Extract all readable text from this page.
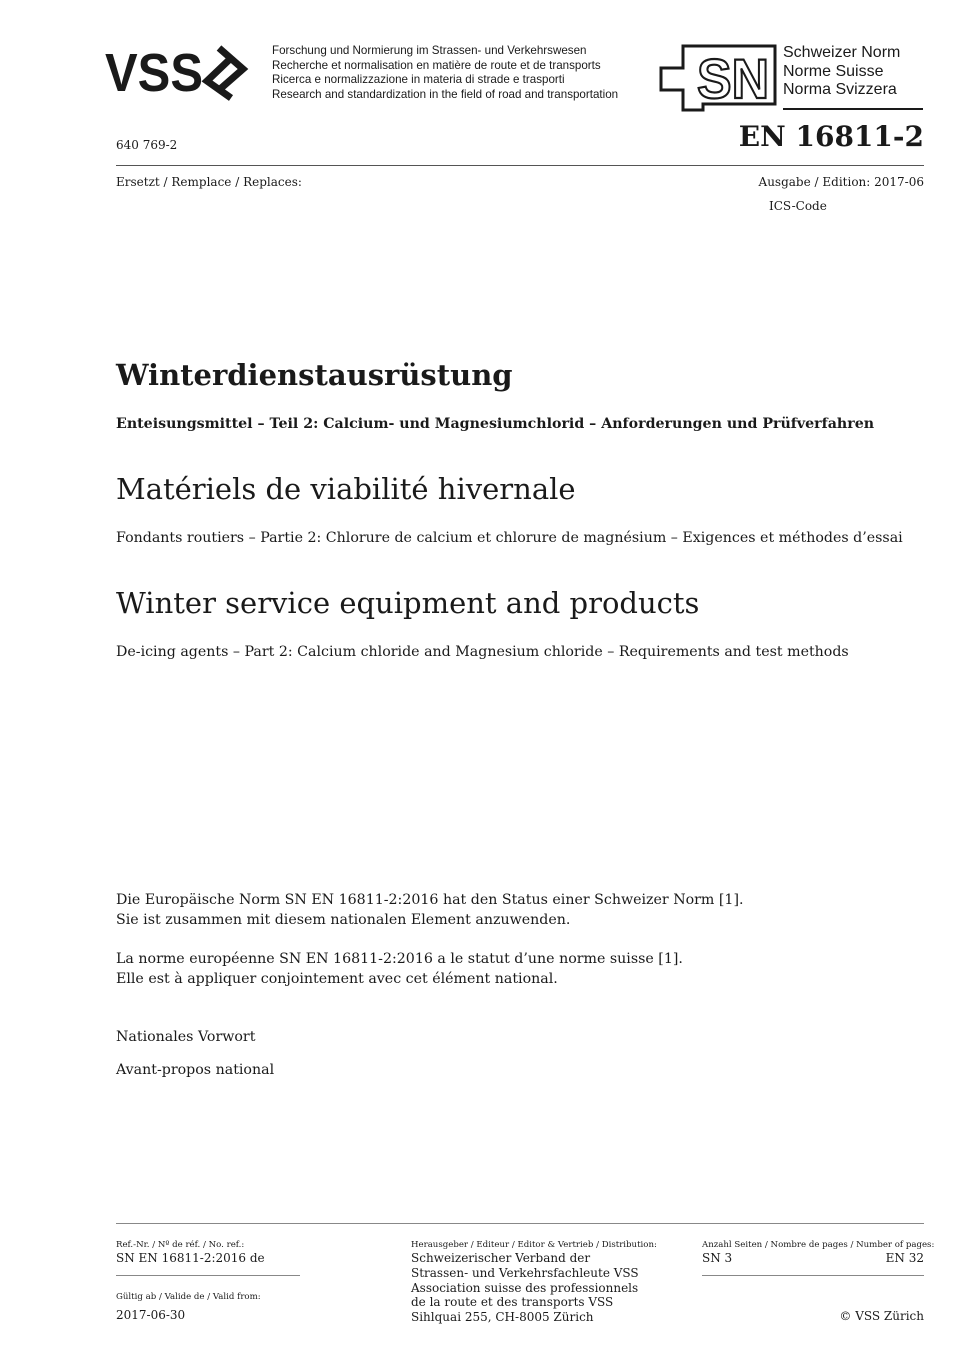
VSS	Forschung und Normierung im Strassen- und Verkehrswesen
Recherche et normalisation en matière de route et de transports
Ricerca e normalizzazione in materia di strade e trasporti
Research and standardization in the field of road and transportation SN Schweizer Norm
Norme Suisse
Norma Svizzera
640 769-2	EN 16811-2
Ersetzt / Remplace / Replaces:	Ausgabe / Edition: 2017-06
ICS-Code
Winterdienstausrüstung
Enteisungsmittel – Teil 2: Calcium- und Magnesiumchlorid – Anforderungen und Prüfverfahren
Matériels de viabilité hivernale
Fondants routiers – Partie 2: Chlorure de calcium et chlorure de magnésium – Exigences et méthodes d’essai
Winter service equipment and products
De-icing agents – Part 2: Calcium chloride and Magnesium chloride – Requirements and test methods
Die Europäische Norm SN EN 16811-2:2016 hat den Status einer Schweizer Norm [1].
Sie ist zusammen mit diesem nationalen Element anzuwenden.
La norme européenne SN EN 16811-2:2016 a le statut d’une norme suisse [1].
Elle est à appliquer conjointement avec cet élément national.
Nationales Vorwort
Avant-propos national
Ref.-Nr. / Nº de réf. / No. ref.:
SN EN 16811-2:2016 de
Gültig ab / Valide de / Valid from:
2017-06-30
Herausgeber / Editeur / Editor & Vertrieb / Distribution:
Schweizerischer Verband der
Strassen- und Verkehrsfachleute VSS
Association suisse des professionnels
de la route et des transports VSS
Sihlquai 255, CH-8005 Zürich
Anzahl Seiten / Nombre de pages / Number of pages:
SN 3	EN 32
© VSS Zürich
